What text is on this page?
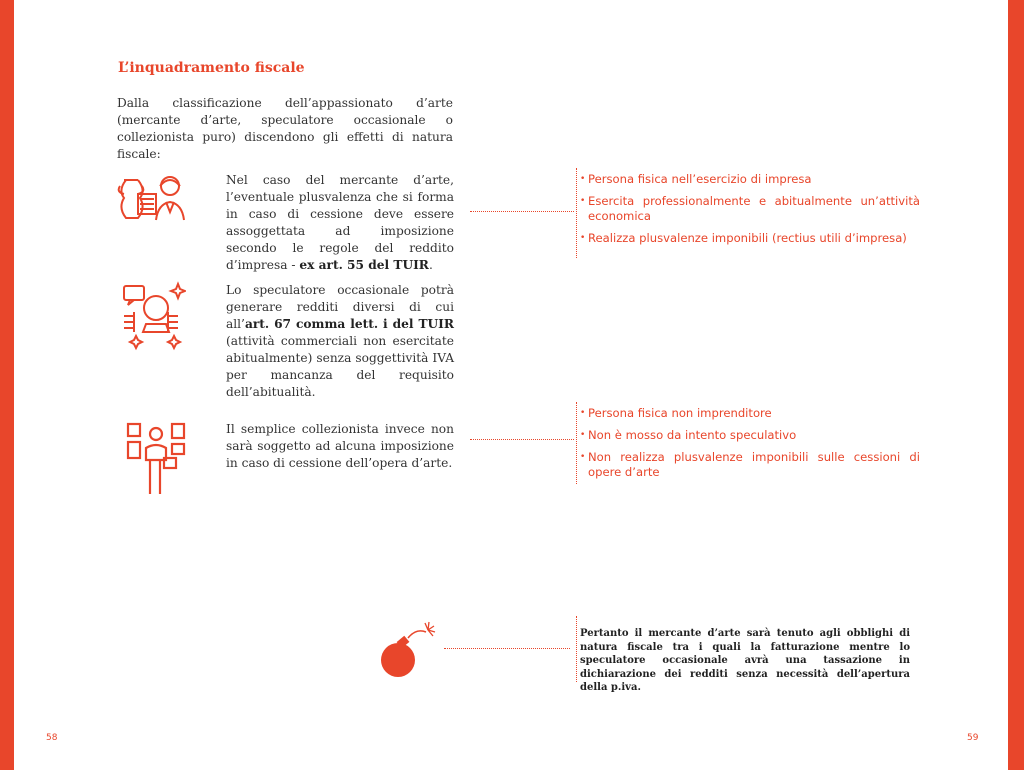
L’inquadramento fiscale
Dalla classificazione dell’appassionato d’arte (mercante d’arte, speculatore occasionale o collezionista puro) discendono gli effetti di natura fiscale:
Nel caso del mercante d’arte, l’eventuale plusvalenza che si forma in caso di cessione deve essere assoggettata ad imposizione secondo le regole del reddito d’impresa - ex art. 55 del TUIR.
• Persona fisica nell’esercizio di impresa
• Esercita professionalmente e abitualmente un’attività economica
• Realizza plusvalenze imponibili (rectius utili d’impresa)
Lo speculatore occasionale potrà generare redditi diversi di cui all’art. 67 comma lett. i del TUIR (attività commerciali non esercitate abitualmente) senza soggettività IVA per mancanza del requisito dell’abitualità.
Il semplice collezionista invece non sarà soggetto ad alcuna imposizione in caso di cessione dell’opera d’arte.
• Persona fisica non imprenditore
• Non è mosso da intento speculativo
• Non realizza plusvalenze imponibili sulle cessioni di opere d’arte
Pertanto il mercante d’arte sarà tenuto agli obblighi di natura fiscale tra i quali la fatturazione mentre lo speculatore occasionale avrà una tassazione in dichiarazione dei redditi senza necessità dell’apertura della p.iva.
58	59
